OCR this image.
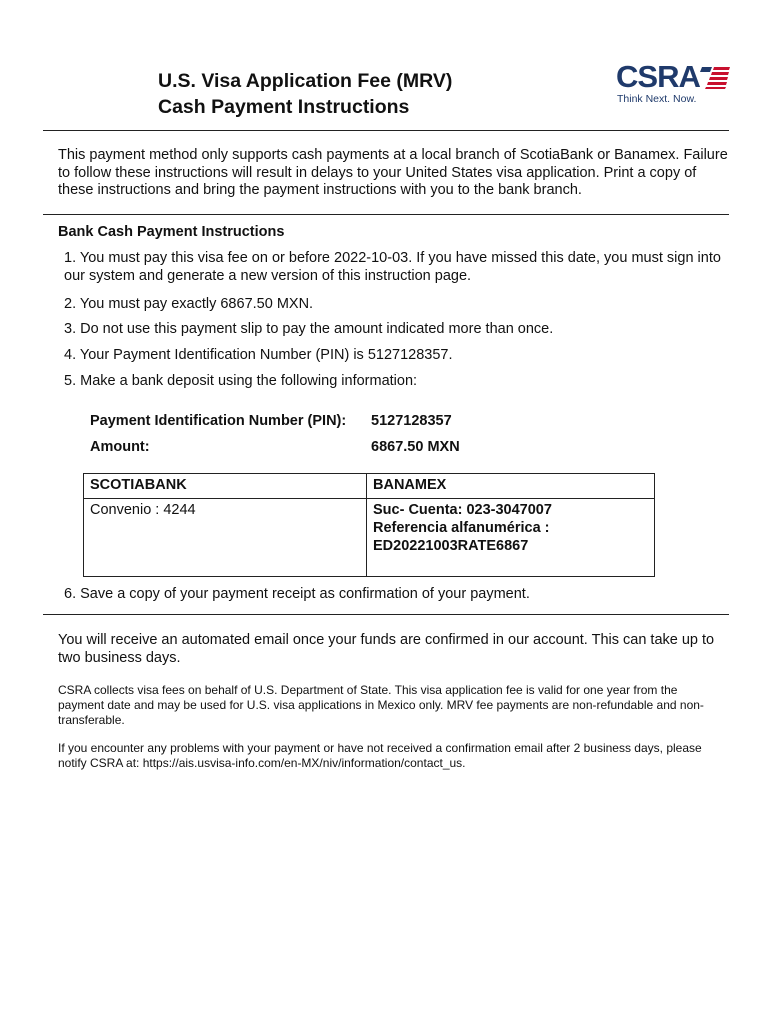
U.S. Visa Application Fee (MRV)
Cash Payment Instructions
CSRA
Think Next. Now.
This payment method only supports cash payments at a local branch of ScotiaBank or Banamex. Failure to follow these instructions will result in delays to your United States visa application. Print a copy of these instructions and bring the payment instructions with you to the bank branch.
Bank Cash Payment Instructions
1. You must pay this visa fee on or before 2022-10-03. If you have missed this date, you must sign into our system and generate a new version of this instruction page.
2. You must pay exactly 6867.50 MXN.
3. Do not use this payment slip to pay the amount indicated more than once.
4. Your Payment Identification Number (PIN) is 5127128357.
5. Make a bank deposit using the following information:
Payment Identification Number (PIN): 5127128357
Amount:	6867.50 MXN
SCOTIABANK	BANAMEX
Convenio : 4244	Suc- Cuenta: 023-3047007
Referencia alfanumérica :
ED20221003RATE6867
6. Save a copy of your payment receipt as confirmation of your payment.
You will receive an automated email once your funds are confirmed in our account. This can take up to two business days.
CSRA collects visa fees on behalf of U.S. Department of State. This visa application fee is valid for one year from the payment date and may be used for U.S. visa applications in Mexico only. MRV fee payments are non-refundable and non-transferable.
If you encounter any problems with your payment or have not received a confirmation email after 2 business days, please notify CSRA at: https://ais.usvisa-info.com/en-MX/niv/information/contact_us.
